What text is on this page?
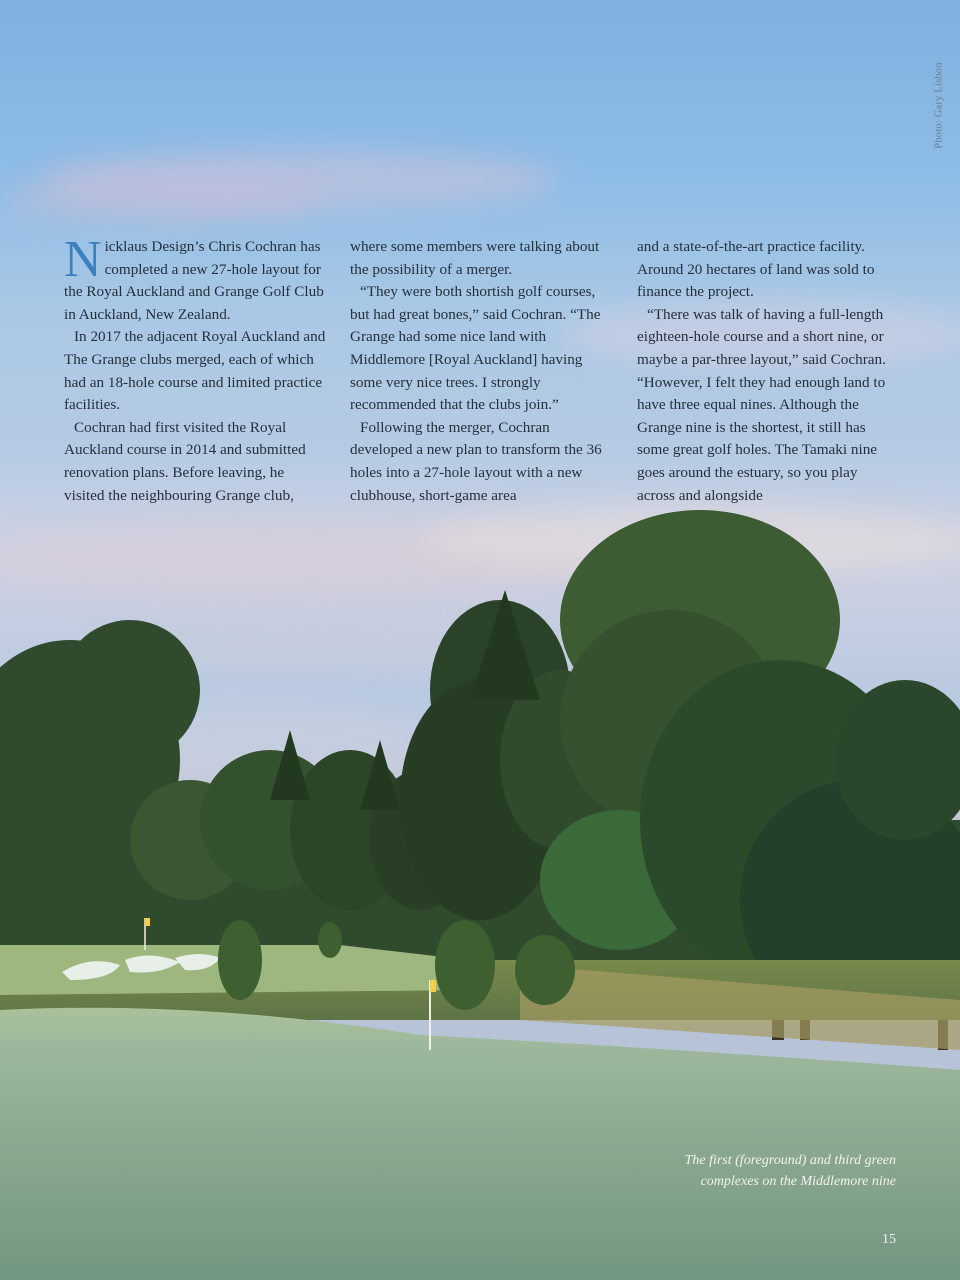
Photo: Gary Lisbon

Nicklaus Design’s Chris Cochran has completed a new 27-hole layout for the Royal Auckland and Grange Golf Club in Auckland, New Zealand.

In 2017 the adjacent Royal Auckland and The Grange clubs merged, each of which had an 18-hole course and limited practice facilities.

Cochran had first visited the Royal Auckland course in 2014 and submitted renovation plans. Before leaving, he visited the neighbouring Grange club,

where some members were talking about the possibility of a merger.

“They were both shortish golf courses, but had great bones,” said Cochran. “The Grange had some nice land with Middlemore [Royal Auckland] having some very nice trees. I strongly recommended that the clubs join.”

Following the merger, Cochran developed a new plan to transform the 36 holes into a 27-hole layout with a new clubhouse, short-game area

and a state-of-the-art practice facility. Around 20 hectares of land was sold to finance the project.

“There was talk of having a full-length eighteen-hole course and a short nine, or maybe a par-three layout,” said Cochran. “However, I felt they had enough land to have three equal nines. Although the Grange nine is the shortest, it still has some great golf holes. The Tamaki nine goes around the estuary, so you play across and alongside

The first (foreground) and third green
complexes on the Middlemore nine
15
